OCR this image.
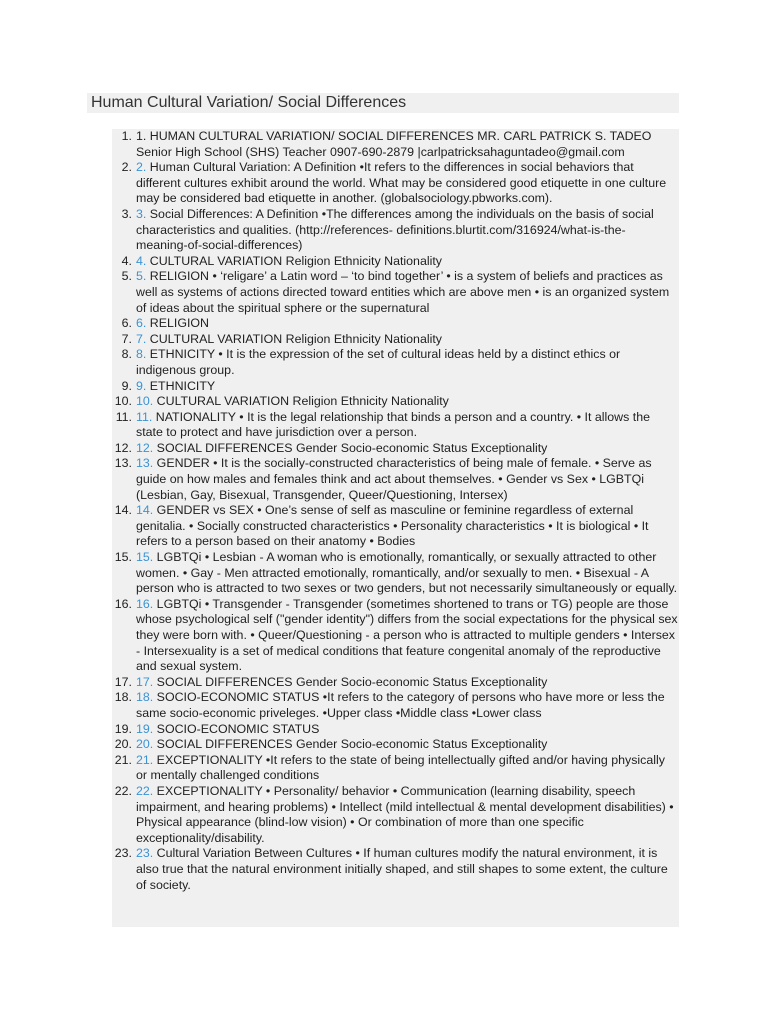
Human Cultural Variation/ Social Differences
1. 1. HUMAN CULTURAL VARIATION/ SOCIAL DIFFERENCES MR. CARL PATRICK S. TADEO Senior High School (SHS) Teacher 0907-690-2879 |carlpatricksahaguntadeo@gmail.com
2. 2. Human Cultural Variation: A Definition •It refers to the differences in social behaviors that different cultures exhibit around the world. What may be considered good etiquette in one culture may be considered bad etiquette in another. (globalsociology.pbworks.com).
3. 3. Social Differences: A Definition •The differences among the individuals on the basis of social characteristics and qualities. (http://references- definitions.blurtit.com/316924/what-is-the- meaning-of-social-differences)
4. 4. CULTURAL VARIATION Religion Ethnicity Nationality
5. 5. RELIGION • ‘religare’ a Latin word – ‘to bind together’ • is a system of beliefs and practices as well as systems of actions directed toward entities which are above men • is an organized system of ideas about the spiritual sphere or the supernatural
6. 6. RELIGION
7. 7. CULTURAL VARIATION Religion Ethnicity Nationality
8. 8. ETHNICITY • It is the expression of the set of cultural ideas held by a distinct ethics or indigenous group.
9. 9. ETHNICITY
10. 10. CULTURAL VARIATION Religion Ethnicity Nationality
11. 11. NATIONALITY • It is the legal relationship that binds a person and a country. • It allows the state to protect and have jurisdiction over a person.
12. 12. SOCIAL DIFFERENCES Gender Socio-economic Status Exceptionality
13. 13. GENDER • It is the socially-constructed characteristics of being male of female. • Serve as guide on how males and females think and act about themselves. • Gender vs Sex • LGBTQi (Lesbian, Gay, Bisexual, Transgender, Queer/Questioning, Intersex)
14. 14. GENDER vs SEX • One’s sense of self as masculine or feminine regardless of external genitalia. • Socially constructed characteristics • Personality characteristics • It is biological • It refers to a person based on their anatomy • Bodies
15. 15. LGBTQi • Lesbian - A woman who is emotionally, romantically, or sexually attracted to other women. • Gay - Men attracted emotionally, romantically, and/or sexually to men. • Bisexual - A person who is attracted to two sexes or two genders, but not necessarily simultaneously or equally.
16. 16. LGBTQi • Transgender - Transgender (sometimes shortened to trans or TG) people are those whose psychological self ("gender identity") differs from the social expectations for the physical sex they were born with. • Queer/Questioning - a person who is attracted to multiple genders • Intersex - Intersexuality is a set of medical conditions that feature congenital anomaly of the reproductive and sexual system.
17. 17. SOCIAL DIFFERENCES Gender Socio-economic Status Exceptionality
18. 18. SOCIO-ECONOMIC STATUS •It refers to the category of persons who have more or less the same socio-economic priveleges. •Upper class •Middle class •Lower class
19. 19. SOCIO-ECONOMIC STATUS
20. 20. SOCIAL DIFFERENCES Gender Socio-economic Status Exceptionality
21. 21. EXCEPTIONALITY •It refers to the state of being intellectually gifted and/or having physically or mentally challenged conditions
22. 22. EXCEPTIONALITY • Personality/ behavior • Communication (learning disability, speech impairment, and hearing problems) • Intellect (mild intellectual & mental development disabilities) • Physical appearance (blind-low vision) • Or combination of more than one specific exceptionality/disability.
23. 23. Cultural Variation Between Cultures • If human cultures modify the natural environment, it is also true that the natural environment initially shaped, and still shapes to some extent, the culture of society.
